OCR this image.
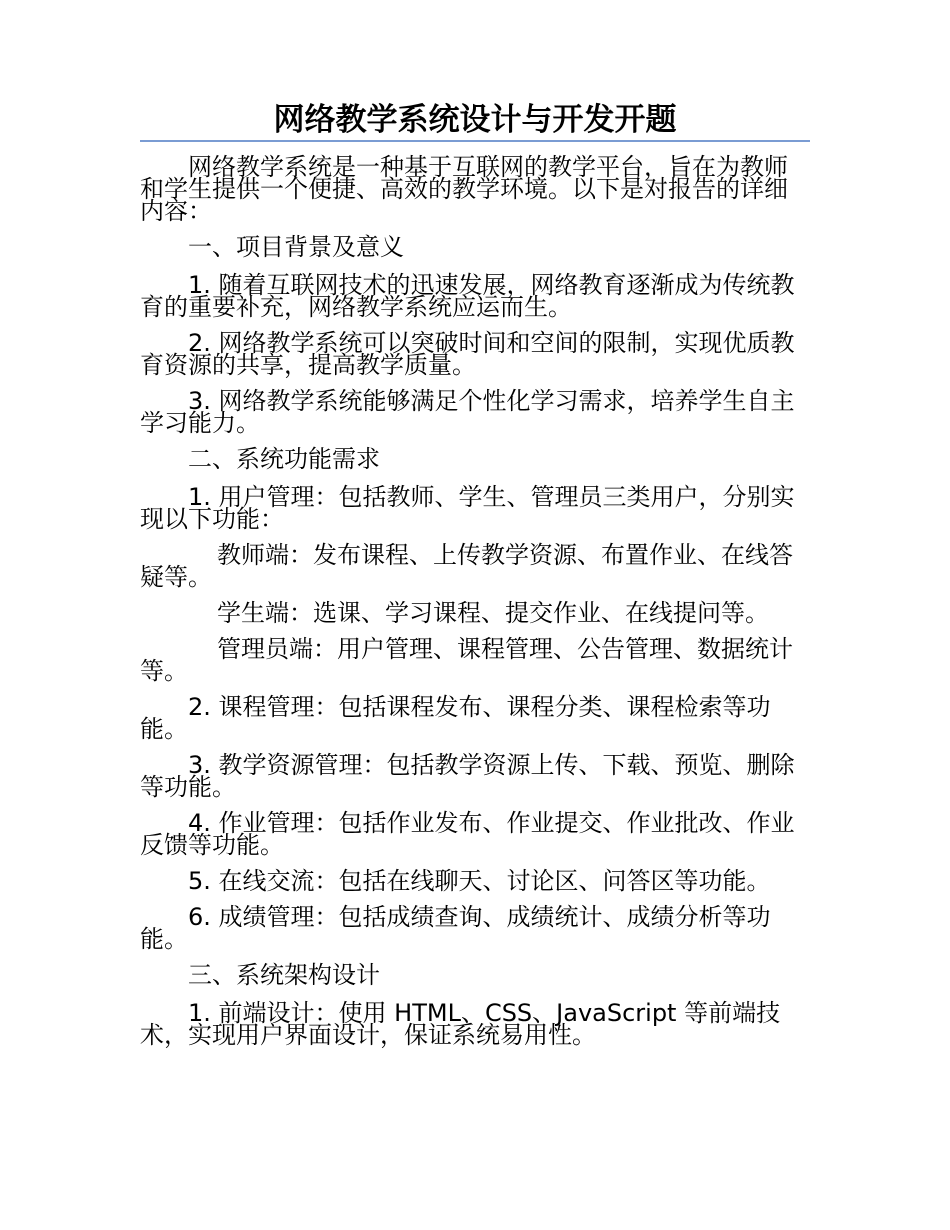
网络教学系统设计与开发开题

网络教学系统是一种基于互联网的教学平台，旨在为教师和学生提供一个便捷、高效的教学环境。以下是对报告的详细内容：

一、项目背景及意义

1. 随着互联网技术的迅速发展，网络教育逐渐成为传统教育的重要补充，网络教学系统应运而生。

2. 网络教学系统可以突破时间和空间的限制，实现优质教育资源的共享，提高教学质量。

3. 网络教学系统能够满足个性化学习需求，培养学生自主学习能力。

二、系统功能需求

1. 用户管理：包括教师、学生、管理员三类用户，分别实现以下功能：

教师端：发布课程、上传教学资源、布置作业、在线答疑等。

学生端：选课、学习课程、提交作业、在线提问等。

管理员端：用户管理、课程管理、公告管理、数据统计等。

2. 课程管理：包括课程发布、课程分类、课程检索等功能。

3. 教学资源管理：包括教学资源上传、下载、预览、删除等功能。

4. 作业管理：包括作业发布、作业提交、作业批改、作业反馈等功能。

5. 在线交流：包括在线聊天、讨论区、问答区等功能。

6. 成绩管理：包括成绩查询、成绩统计、成绩分析等功能。

三、系统架构设计

1. 前端设计：使用 HTML、CSS、JavaScript 等前端技术，实现用户界面设计，保证系统易用性。
